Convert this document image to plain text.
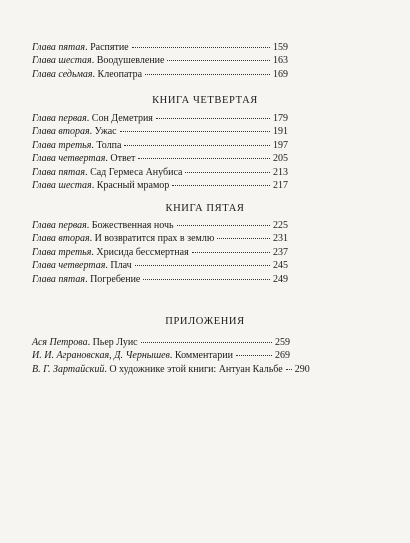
Глава пятая. Распятие	159
Глава шестая. Воодушевление	163
Глава седьмая. Клеопатра	169
КНИГА ЧЕТВЕРТАЯ
Глава первая. Сон Деметрия	179
Глава вторая. Ужас	191
Глава третья. Толпа	197
Глава четвертая. Ответ	205
Глава пятая. Сад Гермеса Анубиса	213
Глава шестая. Красный мрамор	217
КНИГА ПЯТАЯ
Глава первая. Божественная ночь	225
Глава вторая. И возвратится прах в землю	231
Глава третья. Хрисида бессмертная	237
Глава четвертая. Плач	245
Глава пятая. Погребение	249
ПРИЛОЖЕНИЯ
Ася Петрова. Пьер Луис	259
И. И. Аграновская, Д. Чернышев. Комментарии	269
В. Г. Зартайский. О художнике этой книги: Антуан Кальбе 290
